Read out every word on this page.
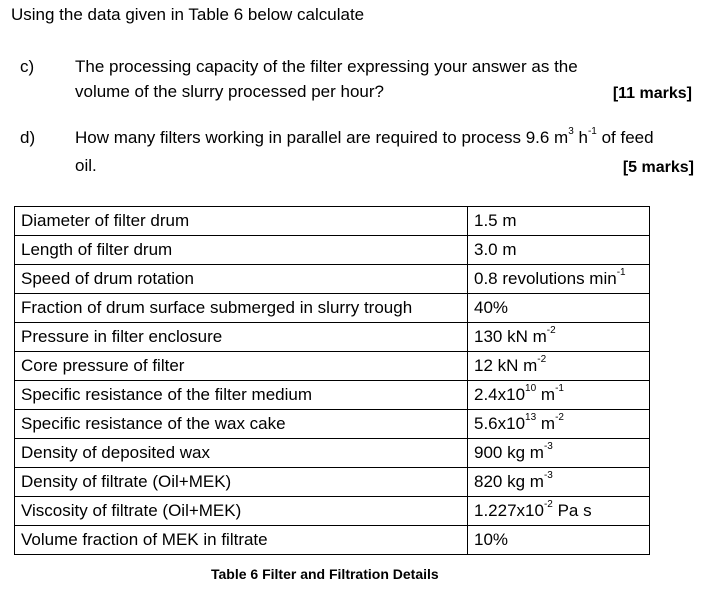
Using the data given in Table 6 below calculate
c) The processing capacity of the filter expressing your answer as the
volume of the slurry processed per hour?	[11 marks]
d) How many filters working in parallel are required to process 9.6 $m^3$ $h^{-1}$ of feed
oil.	[5 marks]
Diameter of filter drum	1.5 m
Length of filter drum	3.0 m
Speed of drum rotation	0.8 revolutions $\min^{-1}$
Fraction of drum surface submerged in slurry trough	40%
Pressure in filter enclosure	130 kN $m^{-2}$
Core pressure of filter	12 kN $m^{-2}$
Specific resistance of the filter medium	$2.4x10^{10}$ $m^{-1}$
Specific resistance of the wax cake	$5.6x10^{13}$ $m^{-2}$
Density of deposited wax	900 kg $m^{-3}$
Density of filtrate (Oil+MEK)	820 kg $m^{-3}$
Viscosity of filtrate (Oil+MEK)	$1.227x10^{-2}$ Pa s
Volume fraction of MEK in filtrate	10%
Table 6 Filter and Filtration Details
